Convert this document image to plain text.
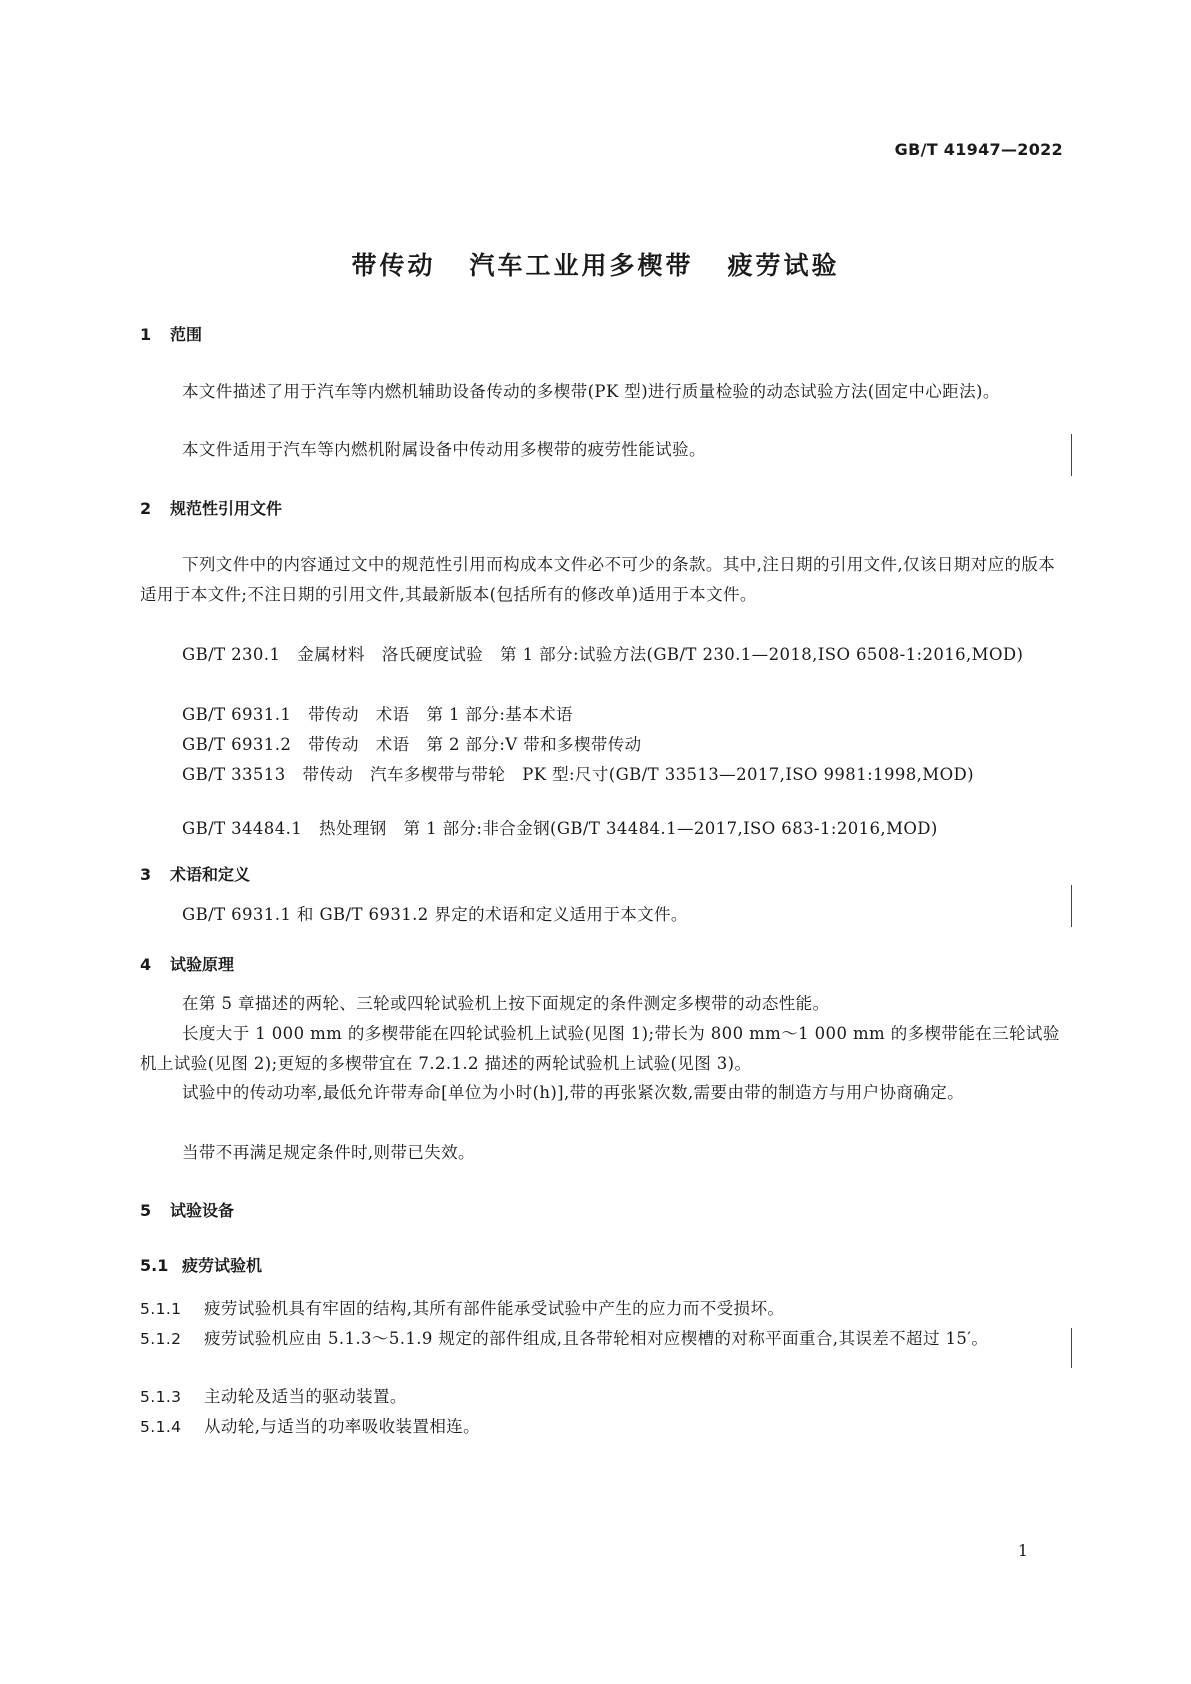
GB/T 41947—2022

带传动 汽车工业用多楔带 疲劳试验
1 范围

本文件描述了用于汽车等内燃机辅助设备传动的多楔带(PK 型)进行质量检验的动态试验方法(固定中心距法)。

本文件适用于汽车等内燃机附属设备中传动用多楔带的疲劳性能试验。

2 规范性引用文件

下列文件中的内容通过文中的规范性引用而构成本文件必不可少的条款。其中,注日期的引用文件,仅该日期对应的版本适用于本文件;不注日期的引用文件,其最新版本(包括所有的修改单)适用于本文件。

GB/T 230.1　金属材料　洛氏硬度试验　第 1 部分:试验方法(GB/T 230.1—2018,ISO 6508-1:2016,MOD)

GB/T 6931.1　带传动　术语　第 1 部分:基本术语

GB/T 6931.2　带传动　术语　第 2 部分:V 带和多楔带传动

GB/T 33513　带传动　汽车多楔带与带轮　PK 型:尺寸(GB/T 33513—2017,ISO 9981:1998,MOD)

GB/T 34484.1　热处理钢　第 1 部分:非合金钢(GB/T 34484.1—2017,ISO 683-1:2016,MOD)

3 术语和定义

GB/T 6931.1 和 GB/T 6931.2 界定的术语和定义适用于本文件。

4 试验原理

在第 5 章描述的两轮、三轮或四轮试验机上按下面规定的条件测定多楔带的动态性能。

长度大于 1 000 mm 的多楔带能在四轮试验机上试验(见图 1);带长为 800 mm～1 000 mm 的多楔带能在三轮试验机上试验(见图 2);更短的多楔带宜在 7.2.1.2 描述的两轮试验机上试验(见图 3)。

试验中的传动功率,最低允许带寿命[单位为小时(h)],带的再张紧次数,需要由带的制造方与用户协商确定。

当带不再满足规定条件时,则带已失效。

5 试验设备
5.1 疲劳试验机

5.1.1 疲劳试验机具有牢固的结构,其所有部件能承受试验中产生的应力而不受损坏。

5.1.2 疲劳试验机应由 5.1.3～5.1.9 规定的部件组成,且各带轮相对应楔槽的对称平面重合,其误差不超过 15′。

5.1.3 主动轮及适当的驱动装置。

5.1.4 从动轮,与适当的功率吸收装置相连。

1
